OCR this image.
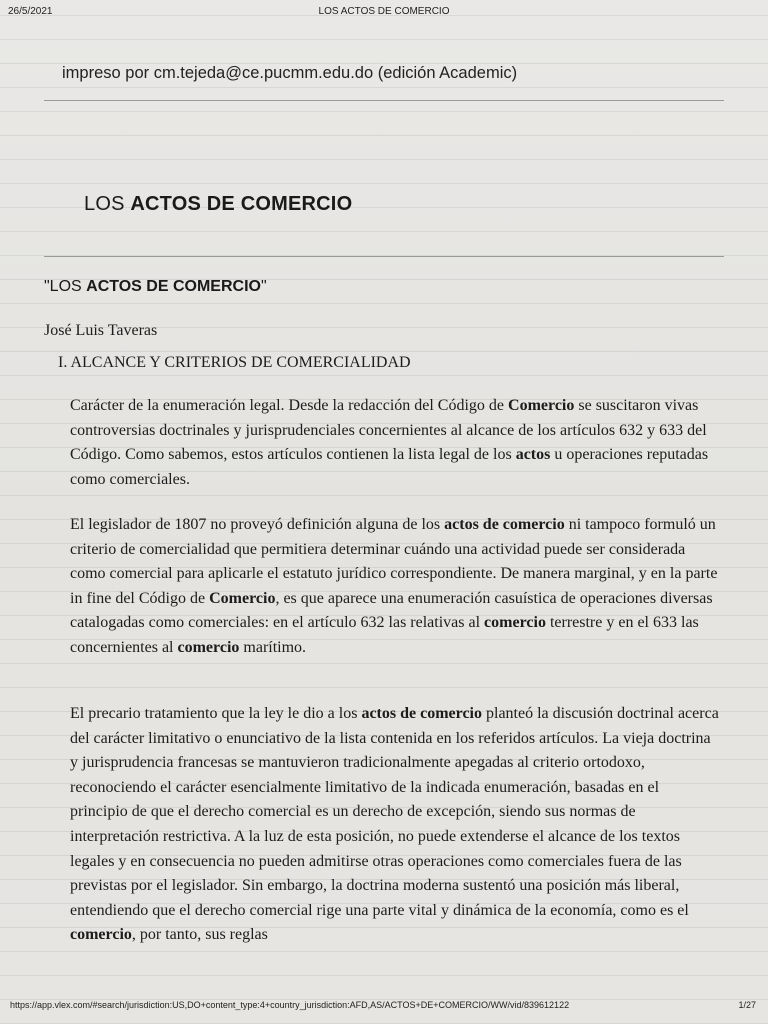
26/5/2021	LOS ACTOS DE COMERCIO
impreso por cm.tejeda@ce.pucmm.edu.do (edición Academic)
LOS ACTOS DE COMERCIO
"LOS ACTOS DE COMERCIO"
José Luis Taveras
I. ALCANCE Y CRITERIOS DE COMERCIALIDAD

Carácter de la enumeración legal. Desde la redacción del Código de Comercio se suscitaron vivas controversias doctrinales y jurisprudenciales concernientes al alcance de los artículos 632 y 633 del Código. Como sabemos, estos artículos contienen la lista legal de los actos u operaciones reputadas como comerciales.

El legislador de 1807 no proveyó definición alguna de los actos de comercio ni tampoco formuló un criterio de comercialidad que permitiera determinar cuándo una actividad puede ser considerada como comercial para aplicarle el estatuto jurídico correspondiente. De manera marginal, y en la parte in fine del Código de Comercio, es que aparece una enumeración casuística de operaciones diversas catalogadas como comerciales: en el artículo 632 las relativas al comercio terrestre y en el 633 las concernientes al comercio marítimo.

El precario tratamiento que la ley le dio a los actos de comercio planteó la discusión doctrinal acerca del carácter limitativo o enunciativo de la lista contenida en los referidos artículos. La vieja doctrina y jurisprudencia francesas se mantuvieron tradicionalmente apegadas al criterio ortodoxo, reconociendo el carácter esencialmente limitativo de la indicada enumeración, basadas en el principio de que el derecho comercial es un derecho de excepción, siendo sus normas de interpretación restrictiva. A la luz de esta posición, no puede extenderse el alcance de los textos legales y en consecuencia no pueden admitirse otras operaciones como comerciales fuera de las previstas por el legislador. Sin embargo, la doctrina moderna sustentó una posición más liberal, entendiendo que el derecho comercial rige una parte vital y dinámica de la economía, como es el comercio, por tanto, sus reglas

https://app.vlex.com/#search/jurisdiction:US,DO+content_type:4+country_jurisdiction:AFD,AS/ACTOS+DE+COMERCIO/WW/vid/839612122	1/27
